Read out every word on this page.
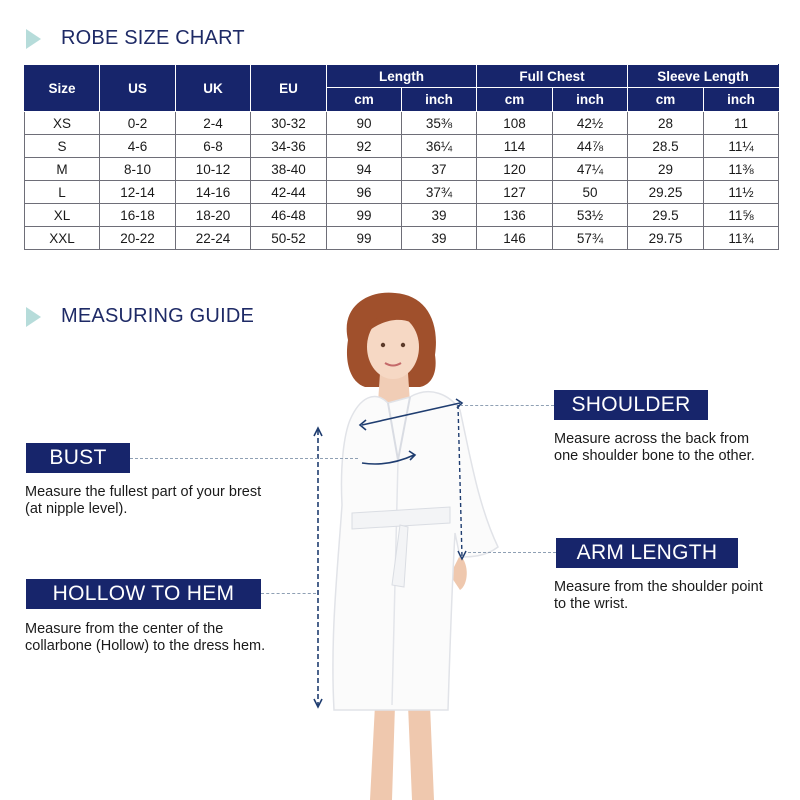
ROBE SIZE CHART
Size	US	UK	EU	Length		Full Chest		Sleeve Length	
				cm	inch	cm	inch	cm	inch
XS	0-2	2-4	30-32	90	35⅜	108	42½	28	11
S	4-6	6-8	34-36	92	36¼	114	44⅞	28.5	11¼
M	8-10	10-12	38-40	94	37	120	47¼	29	11⅜
L	12-14	14-16	42-44	96	37¾	127	50	29.25	11½
XL	16-18	18-20	46-48	99	39	136	53½	29.5	11⅝
XXL	20-22	22-24	50-52	99	39	146	57¾	29.75	11¾
MEASURING GUIDE
BUST
Measure the fullest part of your brest
(at nipple level).
HOLLOW TO HEM
Measure from the center of the
collarbone (Hollow) to the dress hem.
SHOULDER
Measure across the back from
one shoulder bone to the other.
ARM LENGTH
Measure from the shoulder point
to the wrist.
